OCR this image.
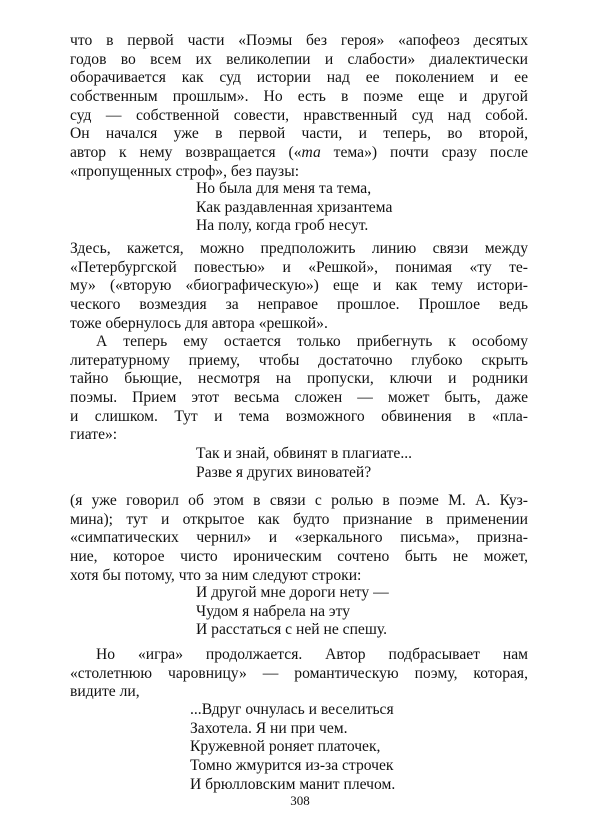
что в первой части «Поэмы без героя» «апофеоз десятых
годов во всем их великолепии и слабости» диалектически
оборачивается как суд истории над ее поколением и ее
собственным прошлым». Но есть в поэме еще и другой
суд — собственной совести, нравственный суд над собой.
Он начался уже в первой части, и теперь, во второй,
автор к нему возвращается («та тема») почти сразу после
«пропущенных строф», без паузы:
Но была для меня та тема,
Как раздавленная хризантема
На полу, когда гроб несут.
Здесь, кажется, можно предположить линию связи между
«Петербургской повестью» и «Решкой», понимая «ту те-
му» («вторую «биографическую») еще и как тему истори-
ческого возмездия за неправое прошлое. Прошлое ведь
тоже обернулось для автора «решкой».
А теперь ему остается только прибегнуть к особому
литературному приему, чтобы достаточно глубоко скрыть
тайно бьющие, несмотря на пропуски, ключи и родники
поэмы. Прием этот весьма сложен — может быть, даже
и слишком. Тут и тема возможного обвинения в «пла-
гиате»:
Так и знай, обвинят в плагиате...
Разве я других виноватей?
(я уже говорил об этом в связи с ролью в поэме М. А. Куз-
мина); тут и открытое как будто признание в применении
«симпатических чернил» и «зеркального письма», призна-
ние, которое чисто ироническим сочтено быть не может,
хотя бы потому, что за ним следуют строки:
И другой мне дороги нету —
Чудом я набрела на эту
И расстаться с ней не спешу.
Но «игра» продолжается. Автор подбрасывает нам
«столетнюю чаровницу» — романтическую поэму, которая,
видите ли,
...Вдруг очнулась и веселиться
Захотела. Я ни при чем.
Кружевной роняет платочек,
Томно жмурится из-за строчек
И брюлловским манит плечом.
308
